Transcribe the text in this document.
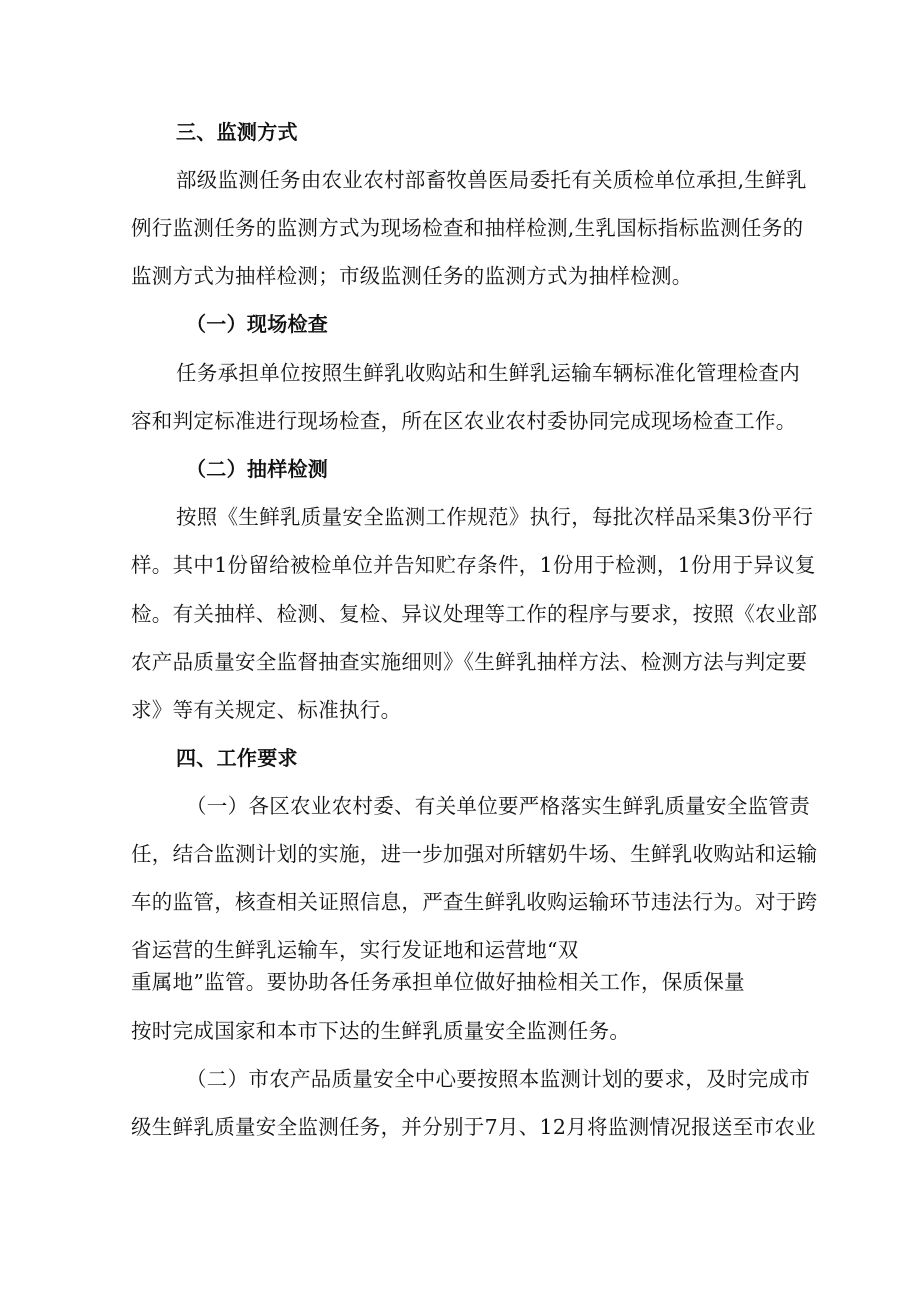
三、监测方式
部级监测任务由农业农村部畜牧兽医局委托有关质检单位承担,生鲜乳
例行监测任务的监测方式为现场检查和抽样检测,生乳国标指标监测任务的
监测方式为抽样检测；市级监测任务的监测方式为抽样检测。
（一）现场检查
任务承担单位按照生鲜乳收购站和生鲜乳运输车辆标准化管理检查内
容和判定标准进行现场检查，所在区农业农村委协同完成现场检查工作。
（二）抽样检测
按照《生鲜乳质量安全监测工作规范》执行，每批次样品采集3份平行
样。其中1份留给被检单位并告知贮存条件，1份用于检测，1份用于异议复
检。有关抽样、检测、复检、异议处理等工作的程序与要求，按照《农业部
农产品质量安全监督抽查实施细则》《生鲜乳抽样方法、检测方法与判定要
求》等有关规定、标准执行。
四、工作要求
（一）各区农业农村委、有关单位要严格落实生鲜乳质量安全监管责
任，结合监测计划的实施，进一步加强对所辖奶牛场、生鲜乳收购站和运输
车的监管，核查相关证照信息，严查生鲜乳收购运输环节违法行为。对于跨
省运营的生鲜乳运输车，实行发证地和运营地“双
重属地”监管。要协助各任务承担单位做好抽检相关工作，保质保量
按时完成国家和本市下达的生鲜乳质量安全监测任务。
（二）市农产品质量安全中心要按照本监测计划的要求，及时完成市
级生鲜乳质量安全监测任务，并分别于7月、12月将监测情况报送至市农业
